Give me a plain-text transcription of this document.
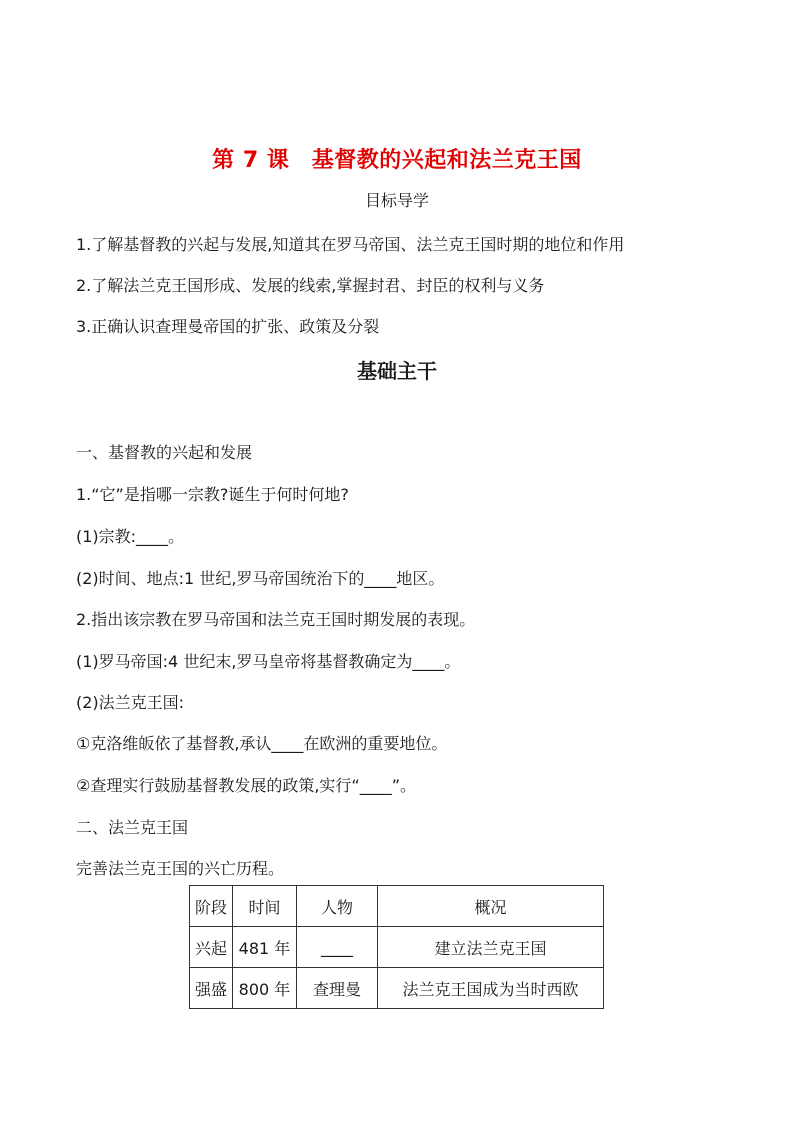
第 7 课　基督教的兴起和法兰克王国
目标导学
1.了解基督教的兴起与发展,知道其在罗马帝国、法兰克王国时期的地位和作用
2.了解法兰克王国形成、发展的线索,掌握封君、封臣的权利与义务
3.正确认识查理曼帝国的扩张、政策及分裂
基础主干
一、基督教的兴起和发展
1.“它”是指哪一宗教?诞生于何时何地?
(1)宗教:____。
(2)时间、地点:1 世纪,罗马帝国统治下的____地区。
2.指出该宗教在罗马帝国和法兰克王国时期发展的表现。
(1)罗马帝国:4 世纪末,罗马皇帝将基督教确定为____。
(2)法兰克王国:
①克洛维皈依了基督教,承认____在欧洲的重要地位。
②查理实行鼓励基督教发展的政策,实行“____”。
二、法兰克王国
完善法兰克王国的兴亡历程。
阶段	时间	人物	概况
兴起	481 年	____	建立法兰克王国
强盛	800 年	查理曼	法兰克王国成为当时西欧
